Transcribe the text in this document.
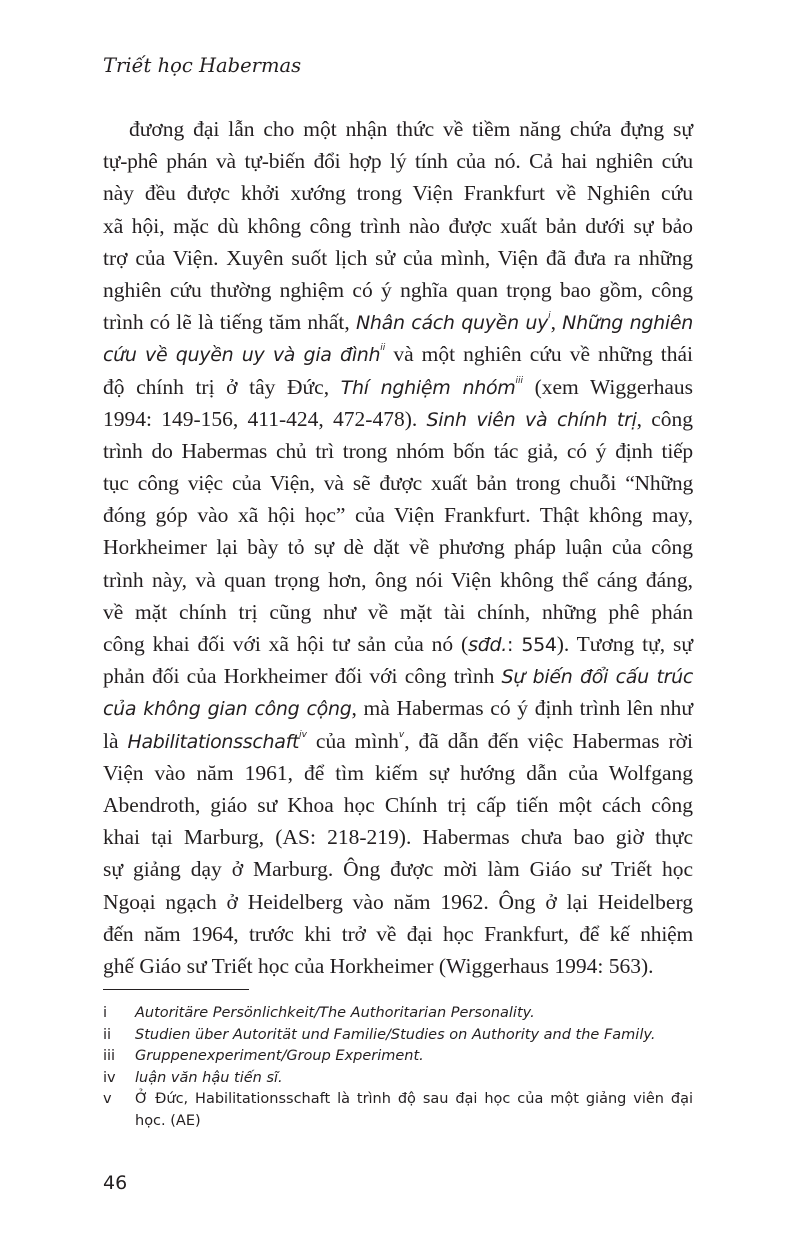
Triết học Habermas
đương đại lẫn cho một nhận thức về tiềm năng chứa đựng sự
tự-phê phán và tự-biến đổi hợp lý tính của nó. Cả hai nghiên cứu
này đều được khởi xướng trong Viện Frankfurt về Nghiên cứu
xã hội, mặc dù không công trình nào được xuất bản dưới sự bảo
trợ của Viện. Xuyên suốt lịch sử của mình, Viện đã đưa ra những
nghiên cứu thường nghiệm có ý nghĩa quan trọng bao gồm, công
trình có lẽ là tiếng tăm nhất, Nhân cách quyền $uy^i$, Những nghiên
cứu về quyền uy và gia đình$^{ii}$ và một nghiên cứu về những thái
độ chính trị ở tây Đức, Thí nghiệm nhóm$^{iii}$ (xem Wiggerhaus
1994: 149-156, 411-424, 472-478). Sinh viên và chính trị, công
trình do Habermas chủ trì trong nhóm bốn tác giả, có ý định tiếp
tục công việc của Viện, và sẽ được xuất bản trong chuỗi “Những
đóng góp vào xã hội học” của Viện Frankfurt. Thật không may,
Horkheimer lại bày tỏ sự dè dặt về phương pháp luận của công
trình này, và quan trọng hơn, ông nói Viện không thể cáng đáng,
về mặt chính trị cũng như về mặt tài chính, những phê phán
công khai đối với xã hội tư sản của nó (sđd.: 554). Tương tự, sự
phản đối của Horkheimer đối với công trình Sự biến đổi cấu trúc
của không gian công cộng, mà Habermas có ý định trình lên như
là Habilitationsschaft$^{iv}$ của mình$^v$, đã dẫn đến việc Habermas rời
Viện vào năm 1961, để tìm kiếm sự hướng dẫn của Wolfgang
Abendroth, giáo sư Khoa học Chính trị cấp tiến một cách công
khai tại Marburg, (AS: 218-219). Habermas chưa bao giờ thực
sự giảng dạy ở Marburg. Ông được mời làm Giáo sư Triết học
Ngoại ngạch ở Heidelberg vào năm 1962. Ông ở lại Heidelberg
đến năm 1964, trước khi trở về đại học Frankfurt, để kế nhiệm
ghế Giáo sư Triết học của Horkheimer (Wiggerhaus 1994: 563).
i	Autoritäre Persönlichkeit/The Authoritarian Personality.
ii	Studien über Autorität und Familie/Studies on Authority and the Family.
iii	Gruppenexperiment/Group Experiment.
iv	luận văn hậu tiến sĩ.
v	Ở Đức, Habilitationsschaft là trình độ sau đại học của một giảng viên đại học. (AE)
46
